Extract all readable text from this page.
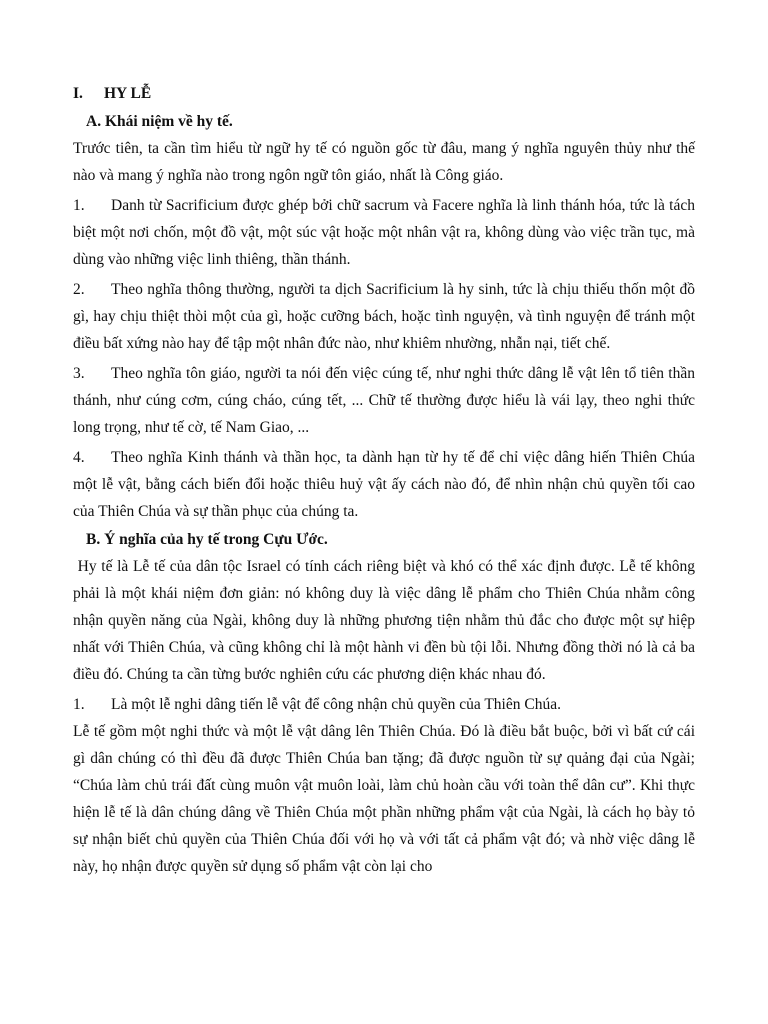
I.	HY LỄ
A. Khái niệm về hy tế.

Trước tiên, ta cần tìm hiểu từ ngữ hy tế có nguồn gốc từ đâu, mang ý nghĩa nguyên thủy như thế nào và mang ý nghĩa nào trong ngôn ngữ tôn giáo, nhất là Công giáo.

1. Danh từ Sacrificium được ghép bởi chữ sacrum và Facere nghĩa là linh thánh hóa, tức là tách biệt một nơi chốn, một đồ vật, một súc vật hoặc một nhân vật ra, không dùng vào việc trần tục, mà dùng vào những việc linh thiêng, thần thánh.

2. Theo nghĩa thông thường, người ta dịch Sacrificium là hy sinh, tức là chịu thiếu thốn một đồ gì, hay chịu thiệt thòi một của gì, hoặc cưỡng bách, hoặc tình nguyện, và tình nguyện để tránh một điều bất xứng nào hay để tập một nhân đức nào, như khiêm nhường, nhẫn nại, tiết chế.

3. Theo nghĩa tôn giáo, người ta nói đến việc cúng tế, như nghi thức dâng lễ vật lên tổ tiên thần thánh, như cúng cơm, cúng cháo, cúng tết, ... Chữ tế thường được hiểu là vái lạy, theo nghi thức long trọng, như tế cờ, tế Nam Giao, ...

4. Theo nghĩa Kinh thánh và thần học, ta dành hạn từ hy tế để chỉ việc dâng hiến Thiên Chúa một lễ vật, bằng cách biến đổi hoặc thiêu huỷ vật ấy cách nào đó, để nhìn nhận chủ quyền tối cao của Thiên Chúa và sự thần phục của chúng ta.

B. Ý nghĩa của hy tế trong Cựu Ước.

Hy tế là Lễ tế của dân tộc Israel có tính cách riêng biệt và khó có thể xác định được. Lễ tế không phải là một khái niệm đơn giản: nó không duy là việc dâng lễ phẩm cho Thiên Chúa nhằm công nhận quyền năng của Ngài, không duy là những phương tiện nhằm thủ đắc cho được một sự hiệp nhất với Thiên Chúa, và cũng không chỉ là một hành vi đền bù tội lỗi. Nhưng đồng thời nó là cả ba điều đó. Chúng ta cần từng bước nghiên cứu các phương diện khác nhau đó.

1. Là một lễ nghi dâng tiến lễ vật để công nhận chủ quyền của Thiên Chúa.

Lễ tế gồm một nghi thức và một lễ vật dâng lên Thiên Chúa. Đó là điều bắt buộc, bởi vì bất cứ cái gì dân chúng có thì đều đã được Thiên Chúa ban tặng; đã được nguồn từ sự quảng đại của Ngài; “Chúa làm chủ trái đất cùng muôn vật muôn loài, làm chủ hoàn cầu với toàn thể dân cư”. Khi thực hiện lễ tế là dân chúng dâng về Thiên Chúa một phần những phẩm vật của Ngài, là cách họ bày tỏ sự nhận biết chủ quyền của Thiên Chúa đối với họ và với tất cả phẩm vật đó; và nhờ việc dâng lễ này, họ nhận được quyền sử dụng số phẩm vật còn lại cho
